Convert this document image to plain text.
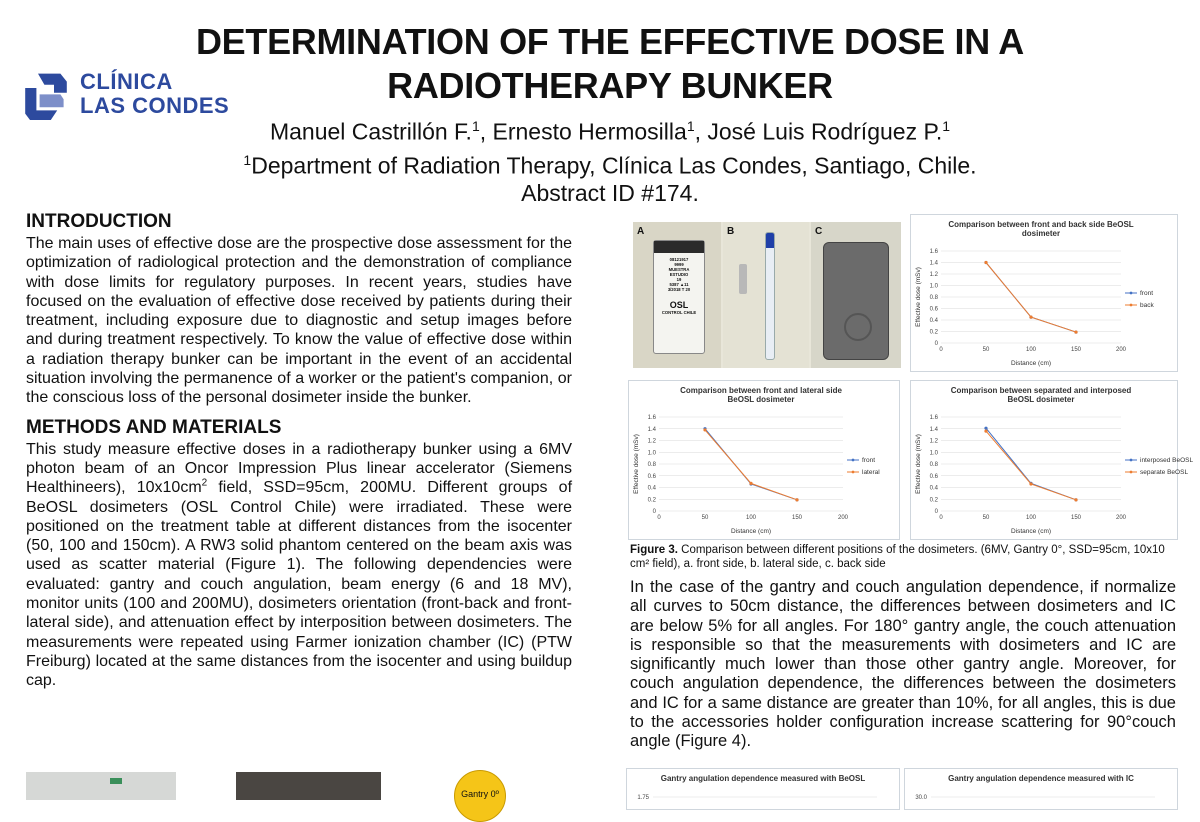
CLÍNICA
LAS CONDES
DETERMINATION OF THE EFFECTIVE DOSE IN A
RADIOTHERAPY BUNKER
Manuel Castrillón F.$^1$, Ernesto Hermosilla$^1$, José Luis Rodríguez P.$^1$
$^1$Department of Radiation Therapy, Clínica Las Condes, Santiago, Chile.
Abstract ID #174.
INTRODUCTION

The main uses of effective dose are the prospective dose assessment for the optimization of radiological protection and the demonstration of compliance with dose limits for regulatory purposes. In recent years, studies have focused on the evaluation of effective dose received by patients during their treatment, including exposure due to diagnostic and setup images before and during treatment respectively. To know the value of effective dose within a radiation therapy bunker can be important in the event of an accidental situation involving the permanence of a worker or the patient's companion, or the conscious loss of the personal dosimeter inside the bunker.

METHODS AND MATERIALS

This study measure effective doses in a radiotherapy bunker using a 6MV photon beam of an Oncor Impression Plus linear accelerator (Siemens Healthineers), $10x10cm^2$ field, SSD=95cm, 200MU. Different groups of BeOSL dosimeters (OSL Control Chile) were irradiated. These were positioned on the treatment table at different distances from the isocenter (50, 100 and 150cm). A RW3 solid phantom centered on the beam axis was used as scatter material (Figure 1). The following dependencies were evaluated: gantry and couch angulation, beam energy (6 and 18 MV), monitor units (100 and 200MU), dosimeters orientation (front-back and front-lateral side), and attenuation effect by interposition between dosimeters. The measurements were repeated using Farmer ionization chamber (IC) (PTW Freiburg) located at the same distances from the isocenter and using buildup cap.

Gantry 0º
A
08121917
9999
MUESTRA
ESTUDIO
19
5387 ▲11
3/2018 T 20
OSL
CONTROL CHILE
B	C
Comparison between front and back side BeOSL
dosimeter
0
0.2
0.4
0.6
0.8
1.0
1.2
1.4
1.6
0	50	100	150	200
Distance (cm)
Effective dose (mSv)	front
back
Comparison between front and lateral side
BeOSL dosimeter
0
0.2
0.4
0.6
0.8
1.0
1.2
1.4
1.6
0	50	100	150	200
Distance (cm)
Effective dose (mSv)	front
lateral
Comparison between separated and interposed
BeOSL dosimeter
0
0.2
0.4
0.6
0.8
1.0
1.2
1.4
1.6
0	50	100	150	200
Distance (cm)
Effective dose (mSv)	interposed BeOSL
separate BeOSL
Figure 3. Comparison between different positions of the dosimeters. (6MV, Gantry 0°, SSD=95cm, 10x10 cm² field), a. front side, b. lateral side, c. back side

In the case of the gantry and couch angulation dependence, if normalize all curves to 50cm distance, the differences between dosimeters and IC are below 5% for all angles. For 180° gantry angle, the couch attenuation is responsible so that the measurements with dosimeters and IC are significantly much lower than those other gantry angle. Moreover, for couch angulation dependence, the differences between the dosimeters and IC for a same distance are greater than 10%, for all angles, this is due to the accessories holder configuration increase scattering for 90°couch angle (Figure 4).

Gantry angulation dependence measured with BeOSL
1.75
Gantry angulation dependence measured with IC
30.0
